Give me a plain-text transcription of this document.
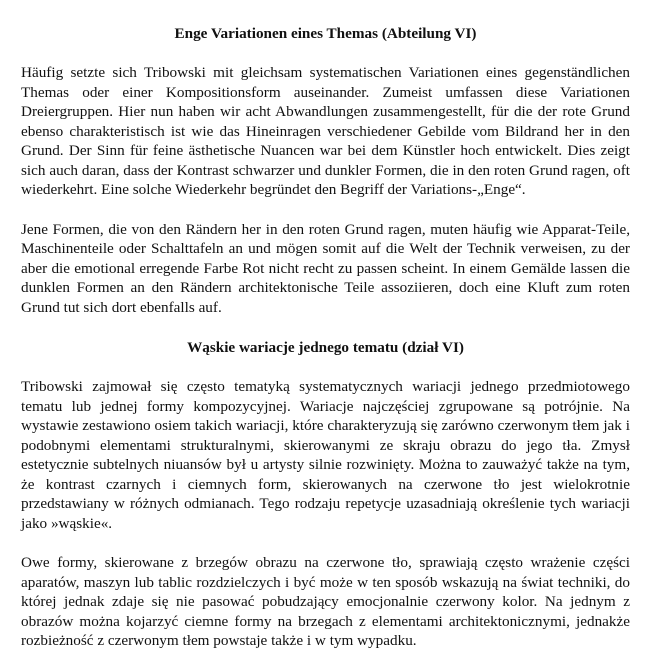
Enge Variationen eines Themas (Abteilung VI)

Häufig setzte sich Tribowski mit gleichsam systematischen Variationen eines gegenständlichen Themas oder einer Kompositionsform auseinander. Zumeist umfassen diese Variationen Dreiergruppen. Hier nun haben wir acht Abwandlungen zusammengestellt, für die der rote Grund ebenso charakteristisch ist wie das Hineinragen verschiedener Gebilde vom Bildrand her in den Grund. Der Sinn für feine ästhetische Nuancen war bei dem Künstler hoch entwickelt. Dies zeigt sich auch daran, dass der Kontrast schwarzer und dunkler Formen, die in den roten Grund ragen, oft wiederkehrt. Eine solche Wiederkehr begründet den Begriff der Variations-„Enge“.

Jene Formen, die von den Rändern her in den roten Grund ragen, muten häufig wie Apparat-Teile, Maschinenteile oder Schalttafeln an und mögen somit auf die Welt der Technik verweisen, zu der aber die emotional erregende Farbe Rot nicht recht zu passen scheint. In einem Gemälde lassen die dunklen Formen an den Rändern architektonische Teile assoziieren, doch eine Kluft zum roten Grund tut sich dort ebenfalls auf.

Wąskie wariacje jednego tematu (dział VI)

Tribowski zajmował się często tematyką systematycznych wariacji jednego przedmiotowego tematu lub jednej formy kompozycyjnej. Wariacje najczęściej zgrupowane są potrójnie. Na wystawie zestawiono osiem takich wariacji, które charakteryzują się zarówno czerwonym tłem jak i podobnymi elementami strukturalnymi, skierowanymi ze skraju obrazu do jego tła. Zmysł estetycznie subtelnych niuansów był u artysty silnie rozwinięty. Można to zauważyć także na tym, że kontrast czarnych i ciemnych form, skierowanych na czerwone tło jest wielokrotnie przedstawiany w różnych odmianach. Tego rodzaju repetycje uzasadniają określenie tych wariacji jako »wąskie«.

Owe formy, skierowane z brzegów obrazu na czerwone tło, sprawiają często wrażenie części aparatów, maszyn lub tablic rozdzielczych i być może w ten sposób wskazują na świat techniki, do której jednak zdaje się nie pasować pobudzający emocjonalnie czerwony kolor. Na jednym z obrazów można kojarzyć ciemne formy na brzegach z elementami architektonicznymi, jednakże rozbieżność z czerwonym tłem powstaje także i w tym wypadku.
